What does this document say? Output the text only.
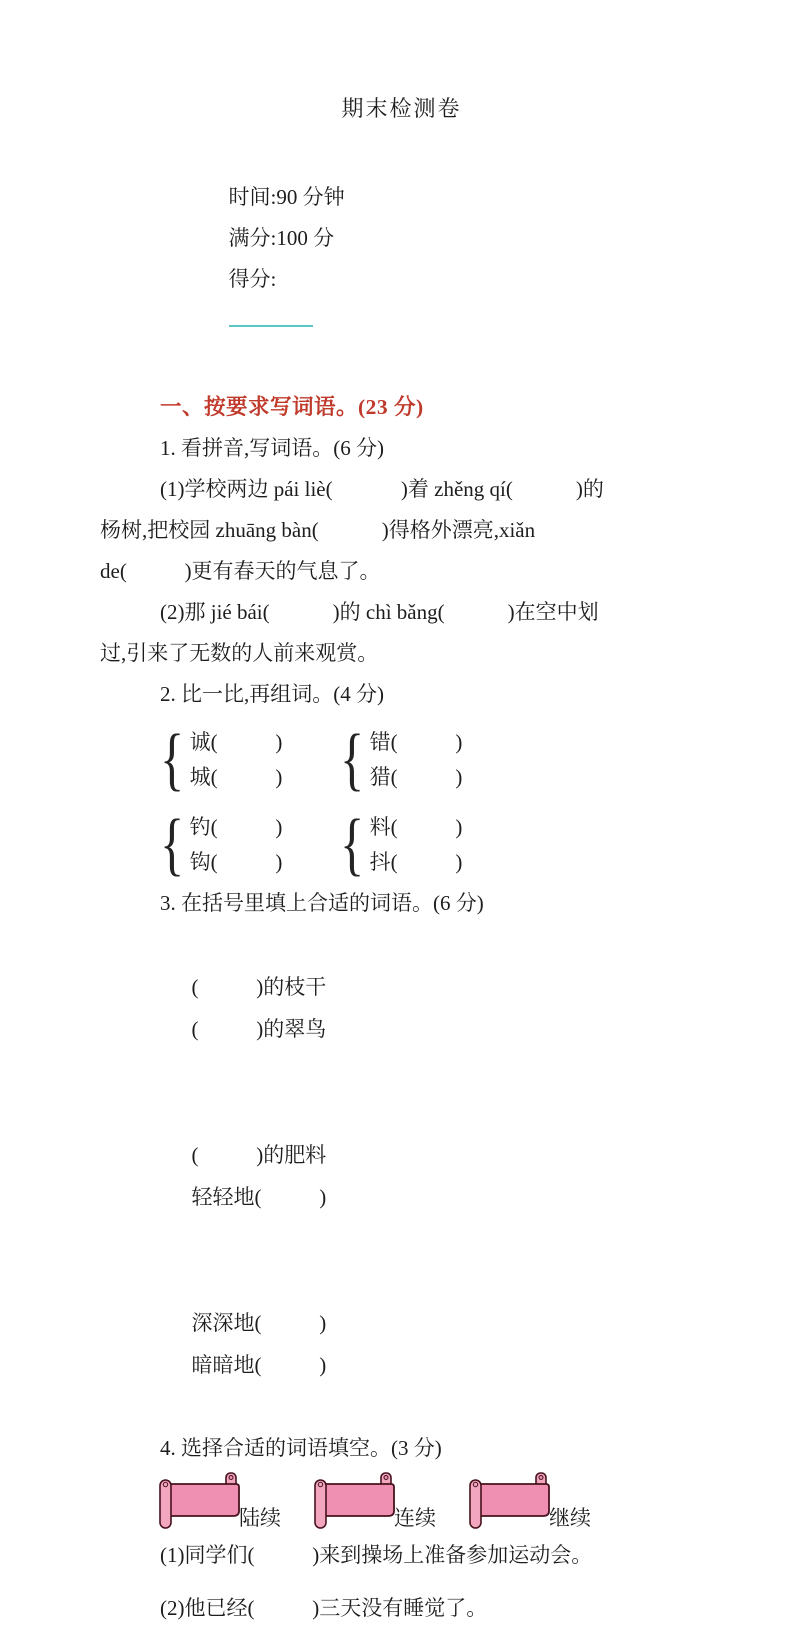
期末检测卷

时间:90 分钟
满分:100 分
得分:

一、按要求写词语。(23 分)
1. 看拼音,写词语。(6 分)
(1)学校两边 pái liè(             )着 zhěng qí(            )的
杨树,把校园 zhuāng bàn(            )得格外漂亮,xiǎn
de(           )更有春天的气息了。
(2)那 jié bái(            )的 chì bǎng(            )在空中划
过,引来了无数的人前来观赏。
2. 比一比,再组词。(4 分)
{ 诚(           )
城(           ) { 错(           )
猎(           )
{ 钓(           )
钩(           ) { 料(           )
抖(           )
3. 在括号里填上合适的词语。(6 分)

(           )的枝干
(           )的翠鸟

(           )的肥料
轻轻地(           )

深深地(           )
暗暗地(           )

4. 选择合适的词语填空。(3 分)
陆续	连续	继续
(1)同学们(           )来到操场上准备参加运动会。
(2)他已经(           )三天没有睡觉了。
